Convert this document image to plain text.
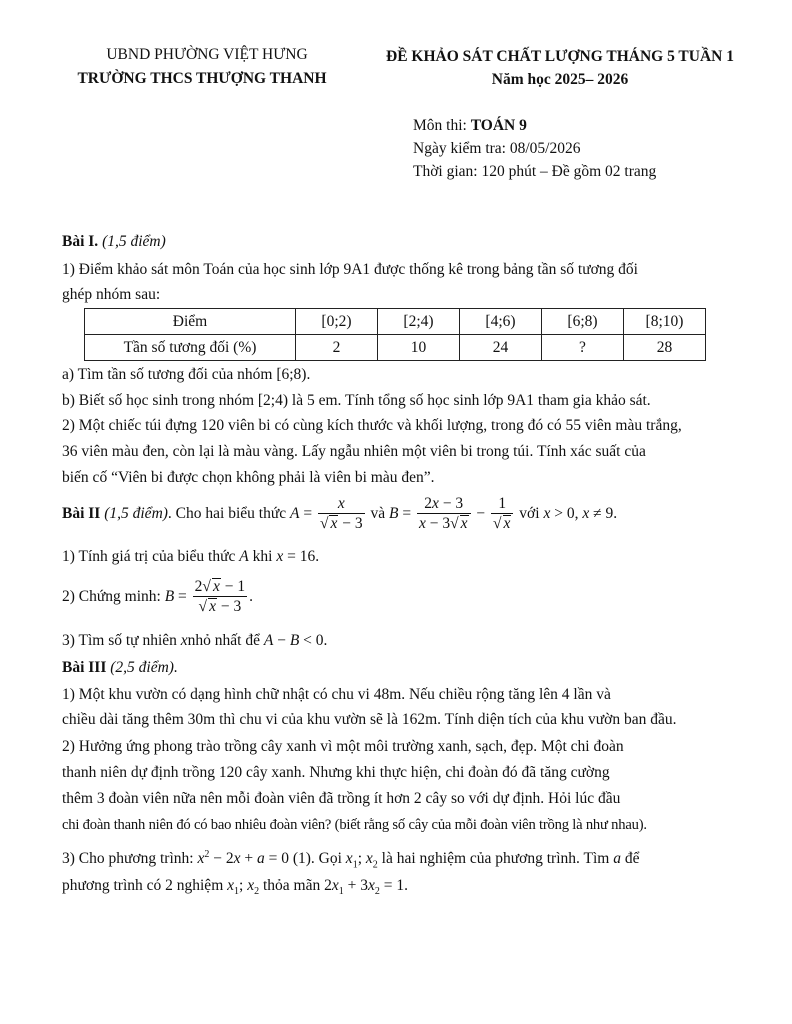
UBND PHƯỜNG VIỆT HƯNG
TRƯỜNG THCS THƯỢNG THANH
ĐỀ KHẢO SÁT CHẤT LƯỢNG THÁNG 5 TUẦN 1
Năm học 2025– 2026
Môn thi: TOÁN 9
Ngày kiểm tra: 08/05/2026
Thời gian: 120 phút – Đề gồm 02 trang
Bài I. (1,5 điểm)
1) Điểm khảo sát môn Toán của học sinh lớp 9A1 được thống kê trong bảng tần số tương đối
ghép nhóm sau:
Điểm	[0;2)	[2;4)	[4;6)	[6;8)	[8;10)
Tần số tương đối (%)	2	10	24	?	28
a) Tìm tần số tương đối của nhóm [6;8).
b) Biết số học sinh trong nhóm [2;4) là 5 em. Tính tổng số học sinh lớp 9A1 tham gia khảo sát.
2) Một chiếc túi đựng 120 viên bi có cùng kích thước và khối lượng, trong đó có 55 viên màu trắng,
36 viên màu đen, còn lại là màu vàng. Lấy ngẫu nhiên một viên bi trong túi. Tính xác suất của
biến cố “Viên bi được chọn không phải là viên bi màu đen”.
Bài II (1,5 điểm). Cho hai biểu thức $A = \frac{x}{√ x - 3}$ và $B = \frac{2x - 3}{x - 3√ x} - \frac{1}{√ x}$ với x > 0, x ≠ 9.
1) Tính giá trị của biểu thức A khi x = 16.
2) Chứng minh: $B = \frac{2√ x - 1}{√ x - 3}$ .
3) Tìm số tự nhiên xnhỏ nhất để A − B < 0.
Bài III (2,5 điểm).
1) Một khu vườn có dạng hình chữ nhật có chu vi 48m. Nếu chiều rộng tăng lên 4 lần và
chiều dài tăng thêm 30m thì chu vi của khu vườn sẽ là 162m. Tính diện tích của khu vườn ban đầu.
2) Hưởng ứng phong trào trồng cây xanh vì một môi trường xanh, sạch, đẹp. Một chi đoàn
thanh niên dự định trồng 120 cây xanh. Nhưng khi thực hiện, chi đoàn đó đã tăng cường
thêm 3 đoàn viên nữa nên mỗi đoàn viên đã trồng ít hơn 2 cây so với dự định. Hỏi lúc đầu
chi đoàn thanh niên đó có bao nhiêu đoàn viên? (biết rằng số cây của mỗi đoàn viên trồng là như nhau).
3) Cho phương trình: $x^2 - 2x + a = 0$ (1). Gọi $x_1$; $x_2$ là hai nghiệm của phương trình. Tìm a để
phương trình có 2 nghiệm $x_1$; $x_2$ thỏa mãn $2x_1 + 3x_2 = 1$.
